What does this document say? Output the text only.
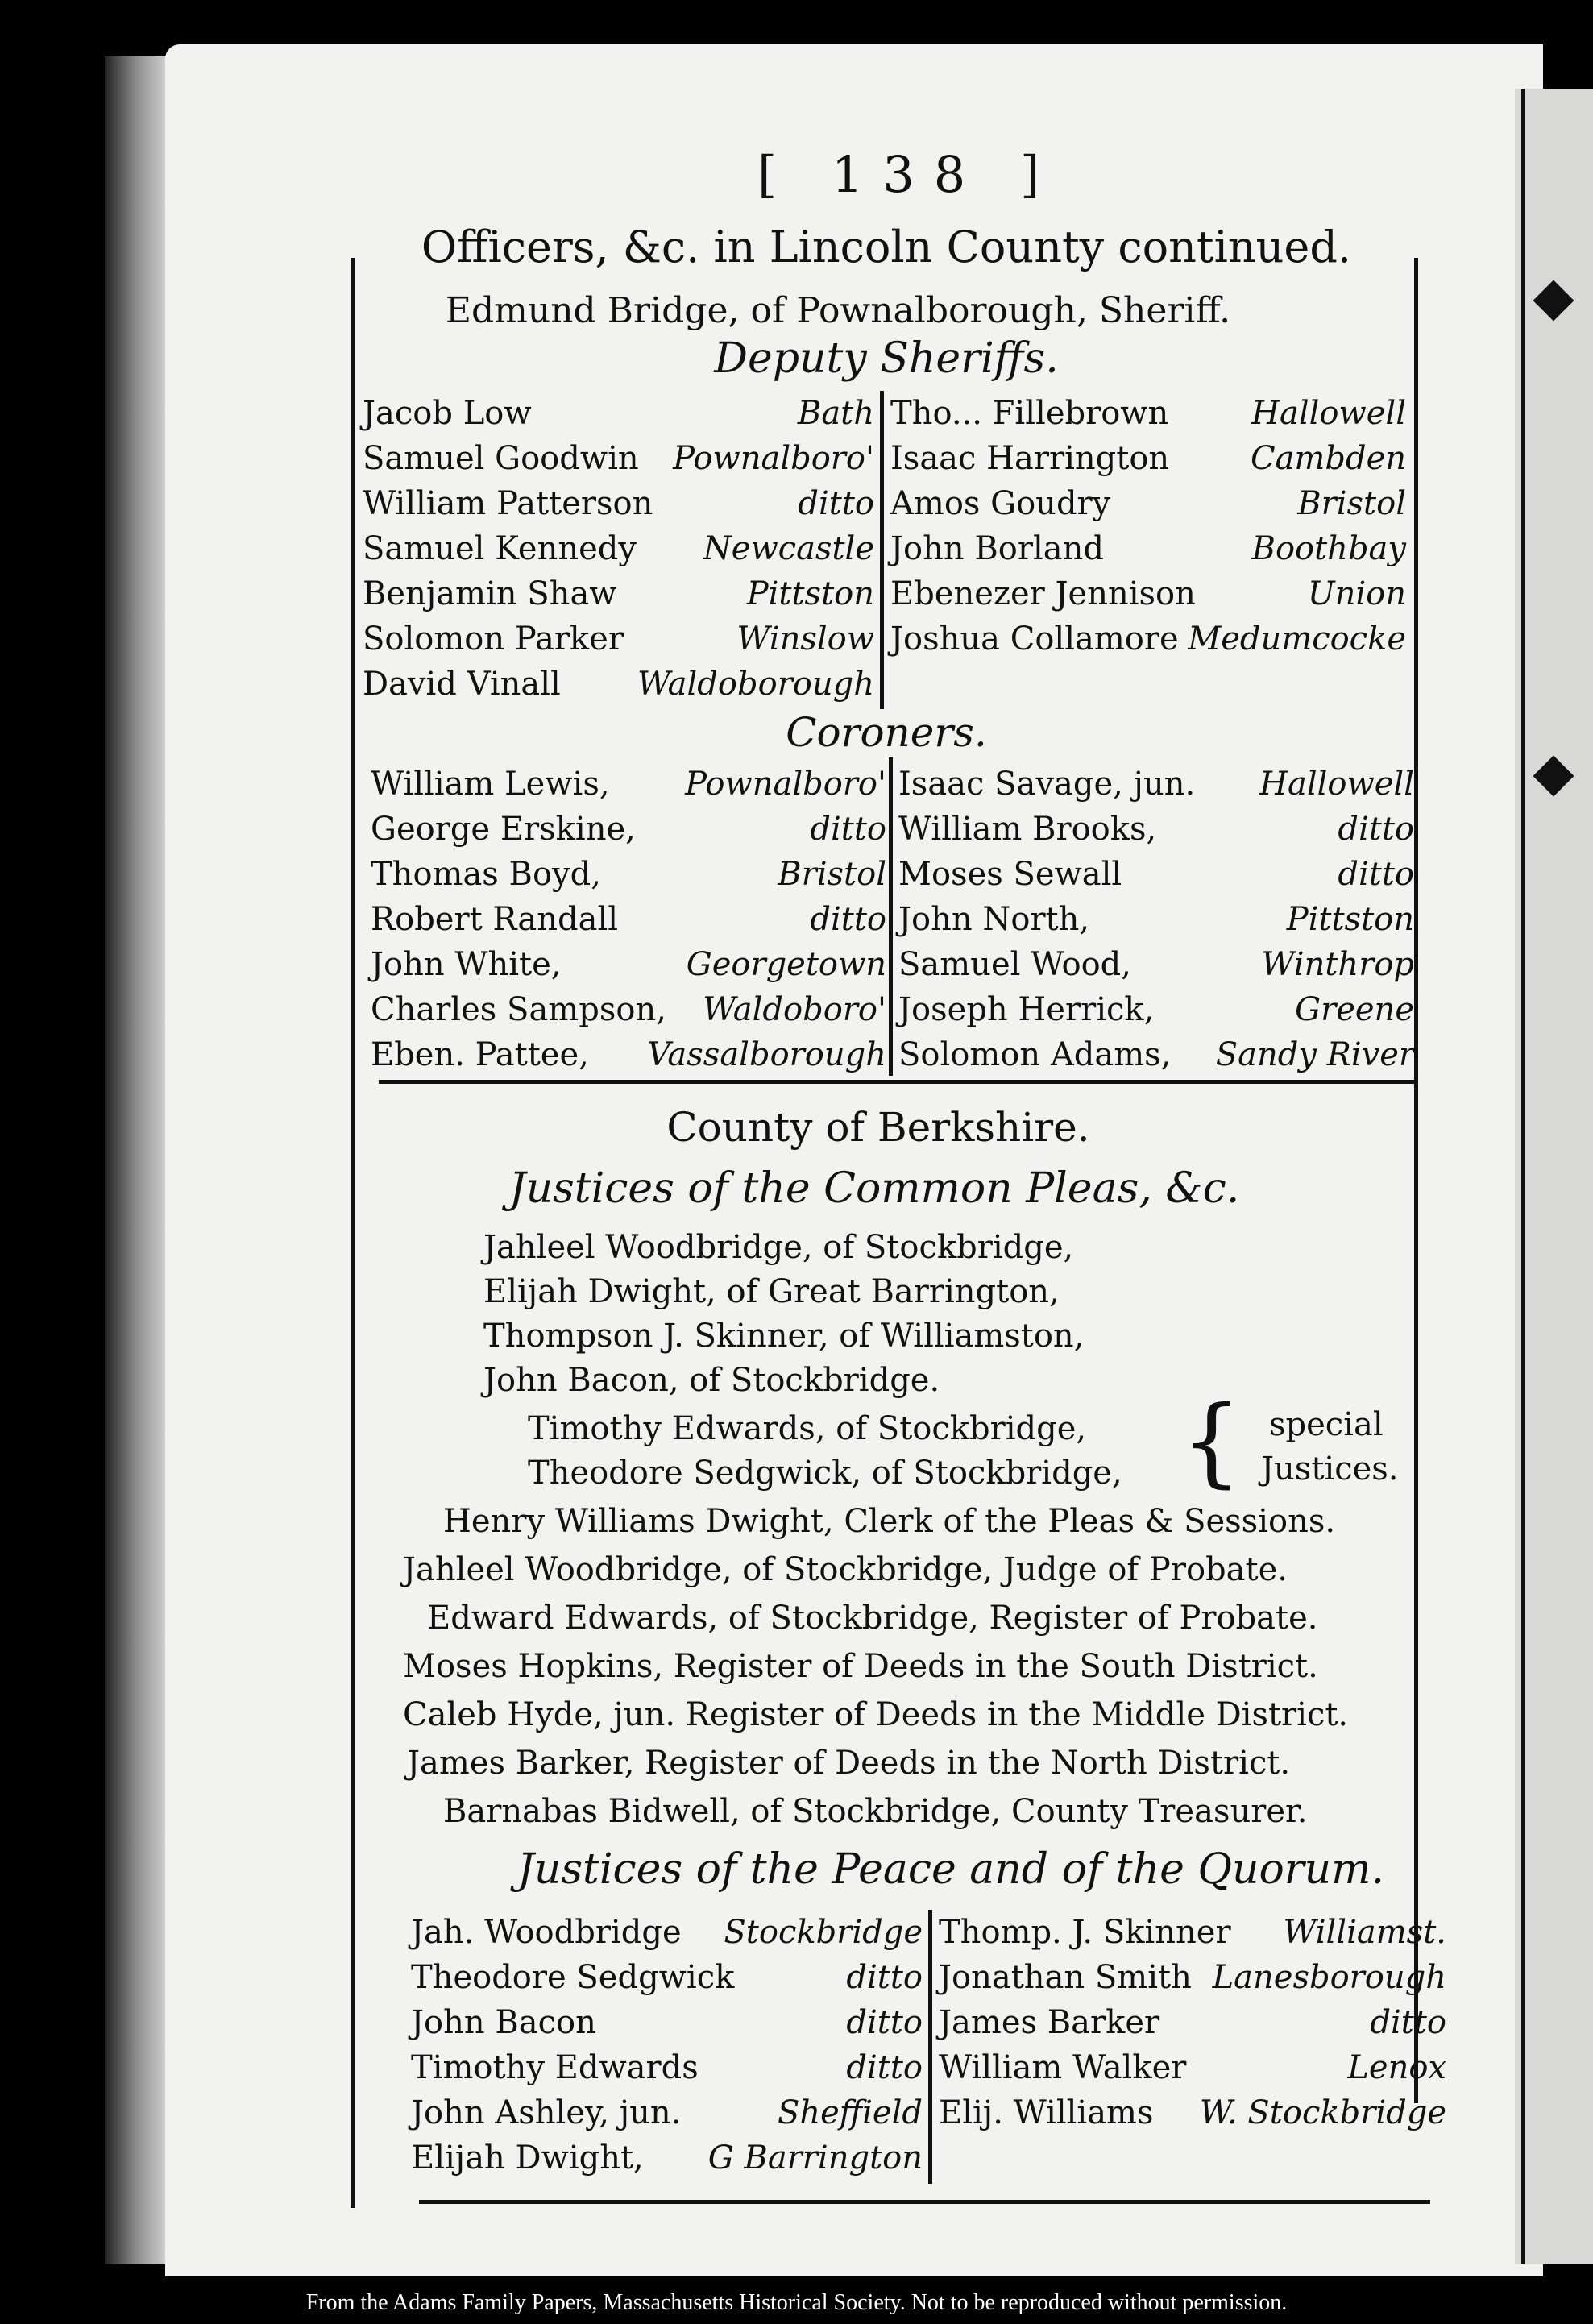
[ 138 ]
Officers, &c. in Lincoln County continued.
Edmund Bridge, of Pownalborough, Sheriff.
Deputy Sheriffs.
Jacob Low	Bath
Samuel Goodwin Pownalboro'
William Patterson	ditto
Samuel Kennedy Newcastle
Benjamin Shaw	Pittston
Solomon Parker	Winslow
David Vinall Waldoborough
Tho... Fillebrown	Hallowell
Isaac Harrington	Cambden
Amos Goudry	Bristol
John Borland	Boothbay
Ebenezer Jennison	Union
Joshua Collamore Medumcocke
Coroners.
William Lewis, Pownalboro'
George Erskine,	ditto
Thomas Boyd,	Bristol
Robert Randall	ditto
John White,	Georgetown
Charles Sampson, Waldoboro'
Eben. Pattee, Vassalborough
Isaac Savage, jun. Hallowell
William Brooks,	ditto
Moses Sewall	ditto
John North,	Pittston
Samuel Wood,	Winthrop
Joseph Herrick,	Greene
Solomon Adams, Sandy River
County of Berkshire.
Justices of the Common Pleas, &c.
Jahleel Woodbridge, of Stockbridge,
Elijah Dwight, of Great Barrington,
Thompson J. Skinner, of Williamston,
John Bacon, of Stockbridge.
Timothy Edwards, of Stockbridge,
Theodore Sedgwick, of Stockbridge, { special
Justices.
Henry Williams Dwight, Clerk of the Pleas & Sessions.
Jahleel Woodbridge, of Stockbridge, Judge of Probate.
Edward Edwards, of Stockbridge, Register of Probate.
Moses Hopkins, Register of Deeds in the South District.
Caleb Hyde, jun. Register of Deeds in the Middle District.
James Barker, Register of Deeds in the North District.
Barnabas Bidwell, of Stockbridge, County Treasurer.
Justices of the Peace and of the Quorum.
Jah. Woodbridge Stockbridge
Theodore Sedgwick	ditto
John Bacon	ditto
Timothy Edwards	ditto
John Ashley, jun.	Sheffield
Elijah Dwight, G Barrington
Thomp. J. Skinner Williamst.
Jonathan Smith Lanesborough
James Barker	ditto
William Walker	Lenox
Elij. Williams W. Stockbridge
From the Adams Family Papers, Massachusetts Historical Society. Not to be reproduced without permission.
